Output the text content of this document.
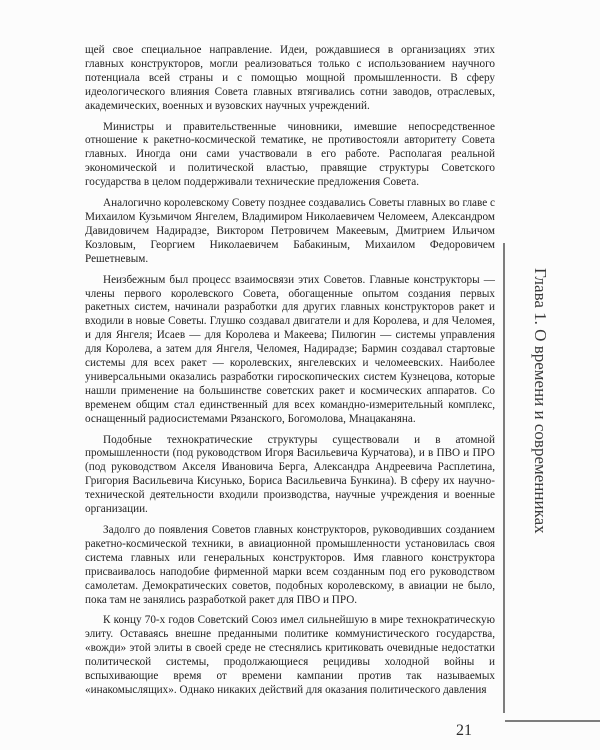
щей свое специальное направление. Идеи, рождавшиеся в организациях этих главных конструкторов, могли реализоваться только с использованием научного потенциала всей страны и с помощью мощной промышленности. В сферу идеологического влияния Совета главных втягивались сотни заводов, отраслевых, академических, военных и вузовских научных учреждений.

Министры и правительственные чиновники, имевшие непосредственное отношение к ракетно-космической тематике, не противостояли авторитету Совета главных. Иногда они сами участвовали в его работе. Располагая реальной экономической и политической властью, правящие структуры Советского государства в целом поддерживали технические предложения Совета.

Аналогично королевскому Совету позднее создавались Советы главных во главе с Михаилом Кузьмичом Янгелем, Владимиром Николаевичем Челомеем, Александром Давидовичем Надирадзе, Виктором Петровичем Макеевым, Дмитрием Ильичом Козловым, Георгием Николаевичем Бабакиным, Михаилом Федоровичем Решетневым.

Неизбежным был процесс взаимосвязи этих Советов. Главные конструкторы — члены первого королевского Совета, обогащенные опытом создания первых ракетных систем, начинали разработки для других главных конструкторов ракет и входили в новые Советы. Глушко создавал двигатели и для Королева, и для Челомея, и для Янгеля; Исаев — для Королева и Макеева; Пилюгин — системы управления для Королева, а затем для Янгеля, Челомея, Надирадзе; Бармин создавал стартовые системы для всех ракет — королевских, янгелевских и челомеевских. Наиболее универсальными оказались разработки гироскопических систем Кузнецова, которые нашли применение на большинстве советских ракет и космических аппаратов. Со временем общим стал единственный для всех командно-измерительный комплекс, оснащенный радиосистемами Рязанского, Богомолова, Мнацаканяна.

Подобные технократические структуры существовали и в атомной промышленности (под руководством Игоря Васильевича Курчатова), и в ПВО и ПРО (под руководством Акселя Ивановича Берга, Александра Андреевича Расплетина, Григория Васильевича Кисунько, Бориса Васильевича Бункина). В сферу их научно-технической деятельности входили производства, научные учреждения и военные организации.

Задолго до появления Советов главных конструкторов, руководивших созданием ракетно-космической техники, в авиационной промышленности установилась своя система главных или генеральных конструкторов. Имя главного конструктора присваивалось наподобие фирменной марки всем созданным под его руководством самолетам. Демократических советов, подобных королевскому, в авиации не было, пока там не занялись разработкой ракет для ПВО и ПРО.

К концу 70-х годов Советский Союз имел сильнейшую в мире технократическую элиту. Оставаясь внешне преданными политике коммунистического государства, «вожди» этой элиты в своей среде не стеснялись критиковать очевидные недостатки политической системы, продолжающиеся рецидивы холодной войны и вспыхивающие время от времени кампании против так называемых «инакомыслящих». Однако никаких действий для оказания политического давления

Глава 1. О времени и современниках
21
